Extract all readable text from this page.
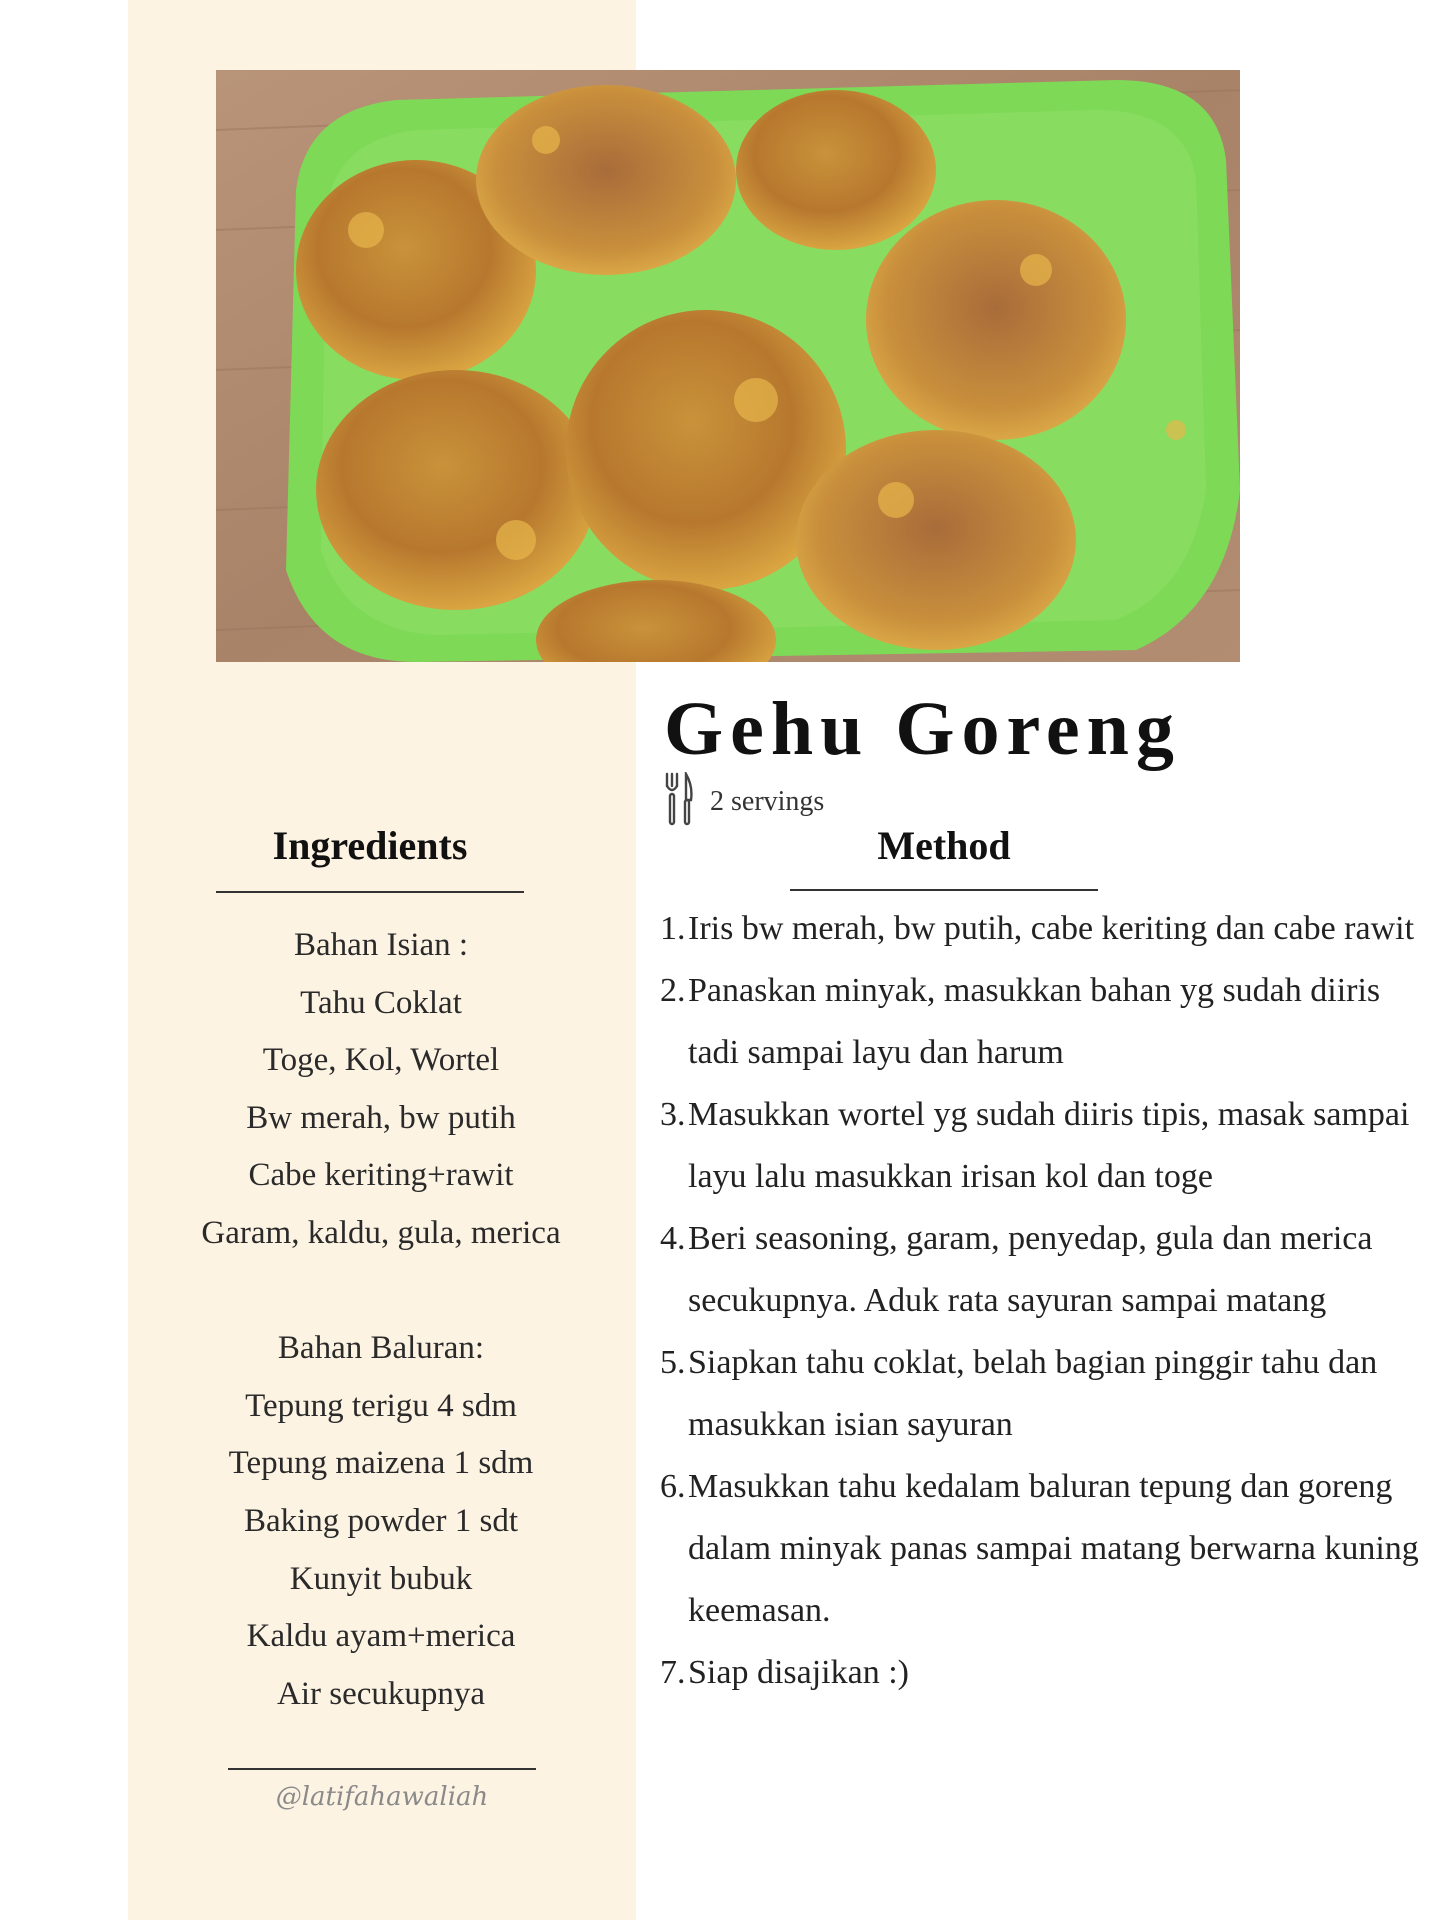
Gehu Goreng
2 servings
Ingredients
Bahan Isian :
Tahu Coklat
Toge, Kol, Wortel
Bw merah, bw putih
Cabe keriting+rawit
Garam, kaldu, gula, merica
Bahan Baluran:
Tepung terigu 4 sdm
Tepung maizena 1 sdm
Baking powder 1 sdt
Kunyit bubuk
Kaldu ayam+merica
Air secukupnya
@latifahawaliah
Method
1. Iris bw merah, bw putih, cabe keriting dan cabe rawit
2. Panaskan minyak, masukkan bahan yg sudah diiris tadi sampai layu dan harum
3. Masukkan wortel yg sudah diiris tipis, masak sampai layu lalu masukkan irisan kol dan toge
4. Beri seasoning, garam, penyedap, gula dan merica secukupnya. Aduk rata sayuran sampai matang
5. Siapkan tahu coklat, belah bagian pinggir tahu dan masukkan isian sayuran
6. Masukkan tahu kedalam baluran tepung dan goreng dalam minyak panas sampai matang berwarna kuning keemasan.
7. Siap disajikan :)
